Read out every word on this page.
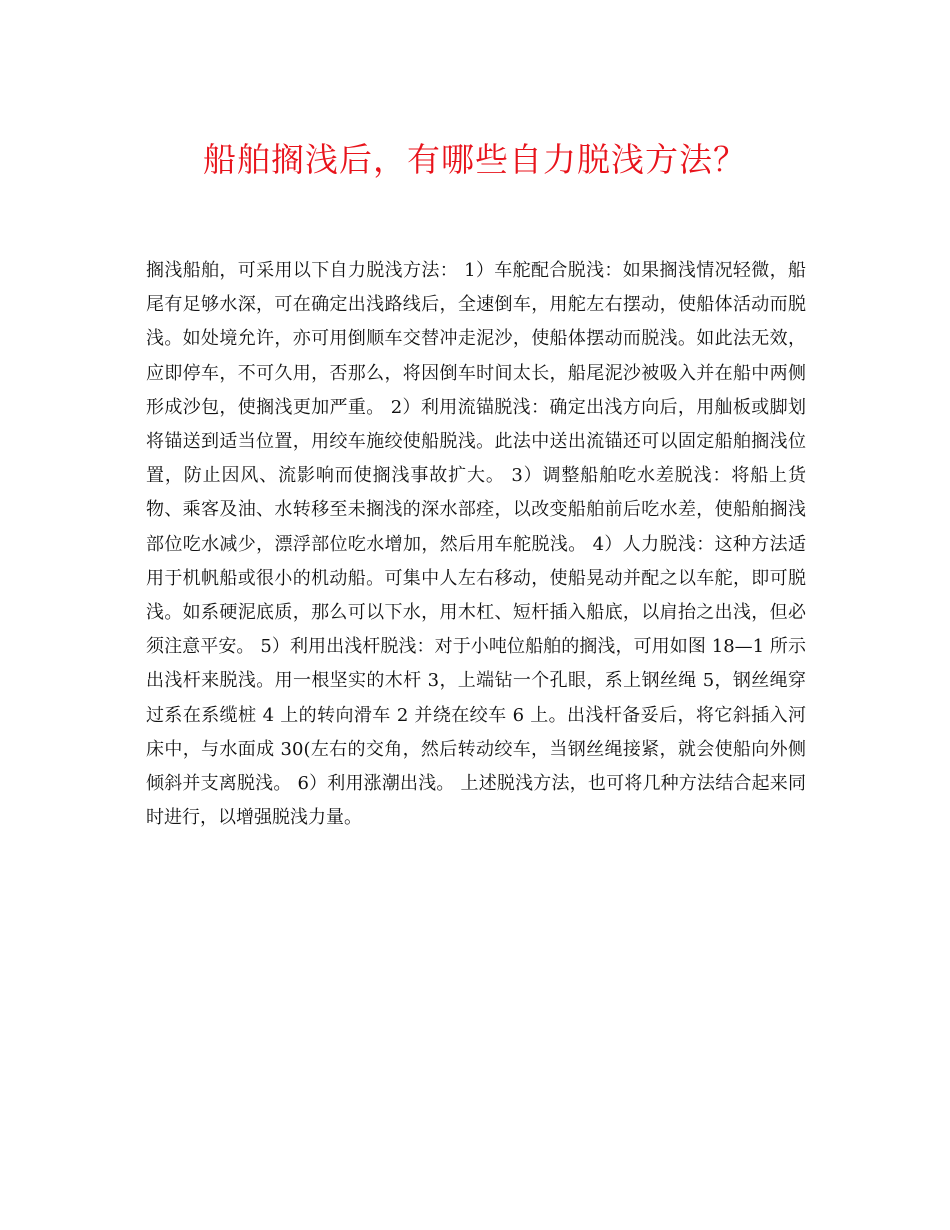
船舶搁浅后，有哪些自力脱浅方法？

搁浅船舶，可采用以下自力脱浅方法： 1）车舵配合脱浅：如果搁浅情况轻微，船尾有足够水深，可在确定出浅路线后，全速倒车，用舵左右摆动，使船体活动而脱浅。如处境允许，亦可用倒顺车交替冲走泥沙，使船体摆动而脱浅。如此法无效，应即停车，不可久用，否那么，将因倒车时间太长，船尾泥沙被吸入并在船中两侧形成沙包，使搁浅更加严重。 2）利用流锚脱浅：确定出浅方向后，用舢板或脚划将锚送到适当位置，用绞车施绞使船脱浅。此法中送出流锚还可以固定船舶搁浅位置，防止因风、流影响而使搁浅事故扩大。 3）调整船舶吃水差脱浅：将船上货物、乘客及油、水转移至未搁浅的深水部痊，以改变船舶前后吃水差，使船舶搁浅部位吃水减少，漂浮部位吃水增加，然后用车舵脱浅。 4）人力脱浅：这种方法适用于机帆船或很小的机动船。可集中人左右移动，使船晃动并配之以车舵，即可脱浅。如系硬泥底质，那么可以下水，用木杠、短杆插入船底，以肩抬之出浅，但必须注意平安。 5）利用出浅杆脱浅：对于小吨位船舶的搁浅，可用如图 18—1 所示出浅杆来脱浅。用一根坚实的木杆 3，上端钻一个孔眼，系上钢丝绳 5，钢丝绳穿过系在系缆桩 4 上的转向滑车 2 并绕在绞车 6 上。出浅杆备妥后，将它斜插入河床中，与水面成 30(左右的交角，然后转动绞车，当钢丝绳接紧，就会使船向外侧倾斜并支离脱浅。 6）利用涨潮出浅。 上述脱浅方法，也可将几种方法结合起来同时进行，以增强脱浅力量。
